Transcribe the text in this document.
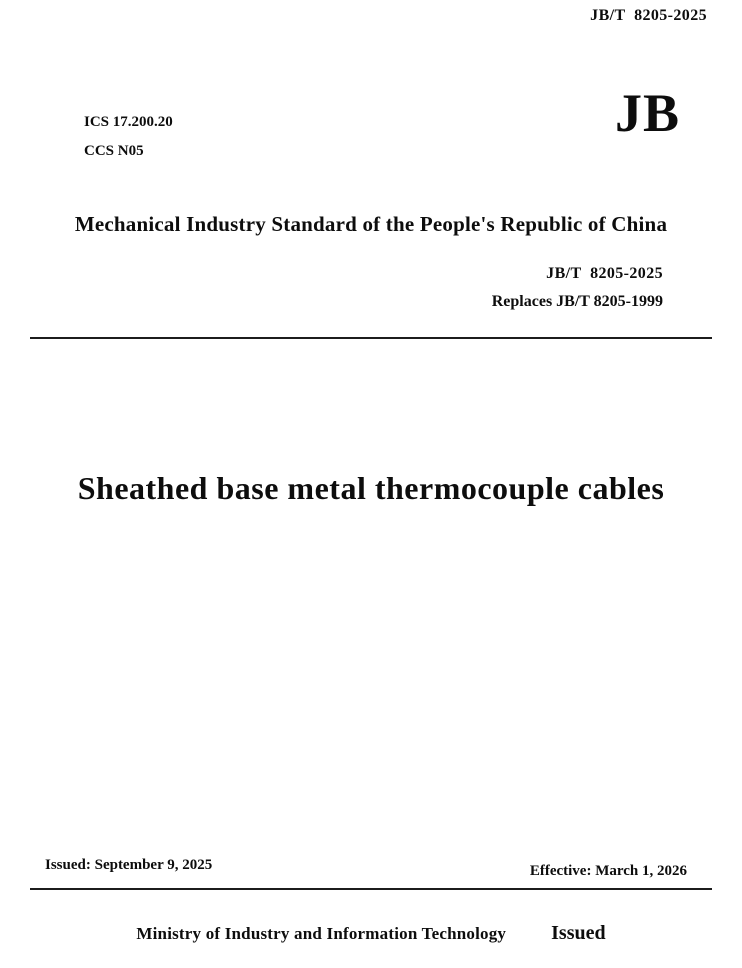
JB/T  8205-2025
ICS 17.200.20
CCS N05
JB
Mechanical Industry Standard of the People's Republic of China
JB/T  8205-2025
Replaces JB/T 8205-1999
Sheathed base metal thermocouple cables
Issued: September 9, 2025	Effective: March 1, 2026
Ministry of Industry and Information Technology Issued
